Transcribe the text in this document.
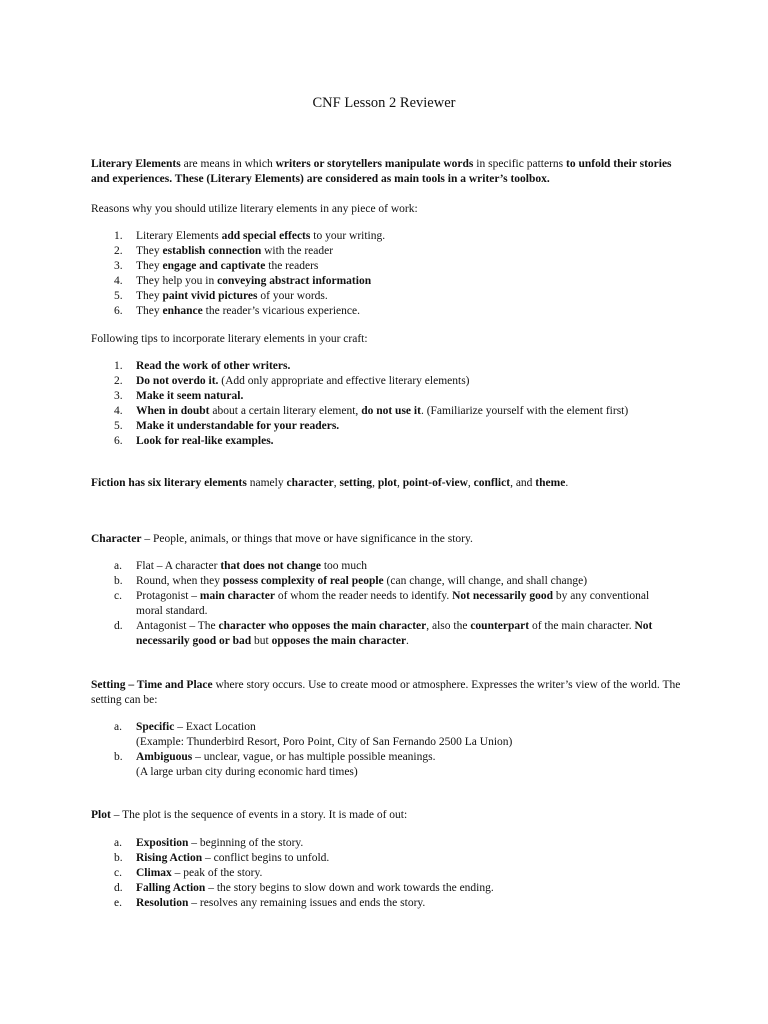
CNF Lesson 2 Reviewer
Literary Elements are means in which writers or storytellers manipulate words in specific patterns to unfold their stories and experiences. These (Literary Elements) are considered as main tools in a writer’s toolbox.
Reasons why you should utilize literary elements in any piece of work:
1. Literary Elements add special effects to your writing.
2. They establish connection with the reader
3. They engage and captivate the readers
4. They help you in conveying abstract information
5. They paint vivid pictures of your words.
6. They enhance the reader’s vicarious experience.
Following tips to incorporate literary elements in your craft:
1. Read the work of other writers.
2. Do not overdo it. (Add only appropriate and effective literary elements)
3. Make it seem natural.
4. When in doubt about a certain literary element, do not use it. (Familiarize yourself with the element first)
5. Make it understandable for your readers.
6. Look for real-like examples.
Fiction has six literary elements namely character, setting, plot, point-of-view, conflict, and theme.
Character – People, animals, or things that move or have significance in the story.
a. Flat – A character that does not change too much
b. Round, when they possess complexity of real people (can change, will change, and shall change)
c. Protagonist – main character of whom the reader needs to identify. Not necessarily good by any conventional moral standard.
d. Antagonist – The character who opposes the main character, also the counterpart of the main character. Not necessarily good or bad but opposes the main character.
Setting – Time and Place where story occurs. Use to create mood or atmosphere. Expresses the writer’s view of the world. The setting can be:
a. Specific – Exact Location
(Example: Thunderbird Resort, Poro Point, City of San Fernando 2500 La Union)
b. Ambiguous – unclear, vague, or has multiple possible meanings.
(A large urban city during economic hard times)
Plot – The plot is the sequence of events in a story. It is made of out:
a. Exposition – beginning of the story.
b. Rising Action – conflict begins to unfold.
c. Climax – peak of the story.
d. Falling Action – the story begins to slow down and work towards the ending.
e. Resolution – resolves any remaining issues and ends the story.
